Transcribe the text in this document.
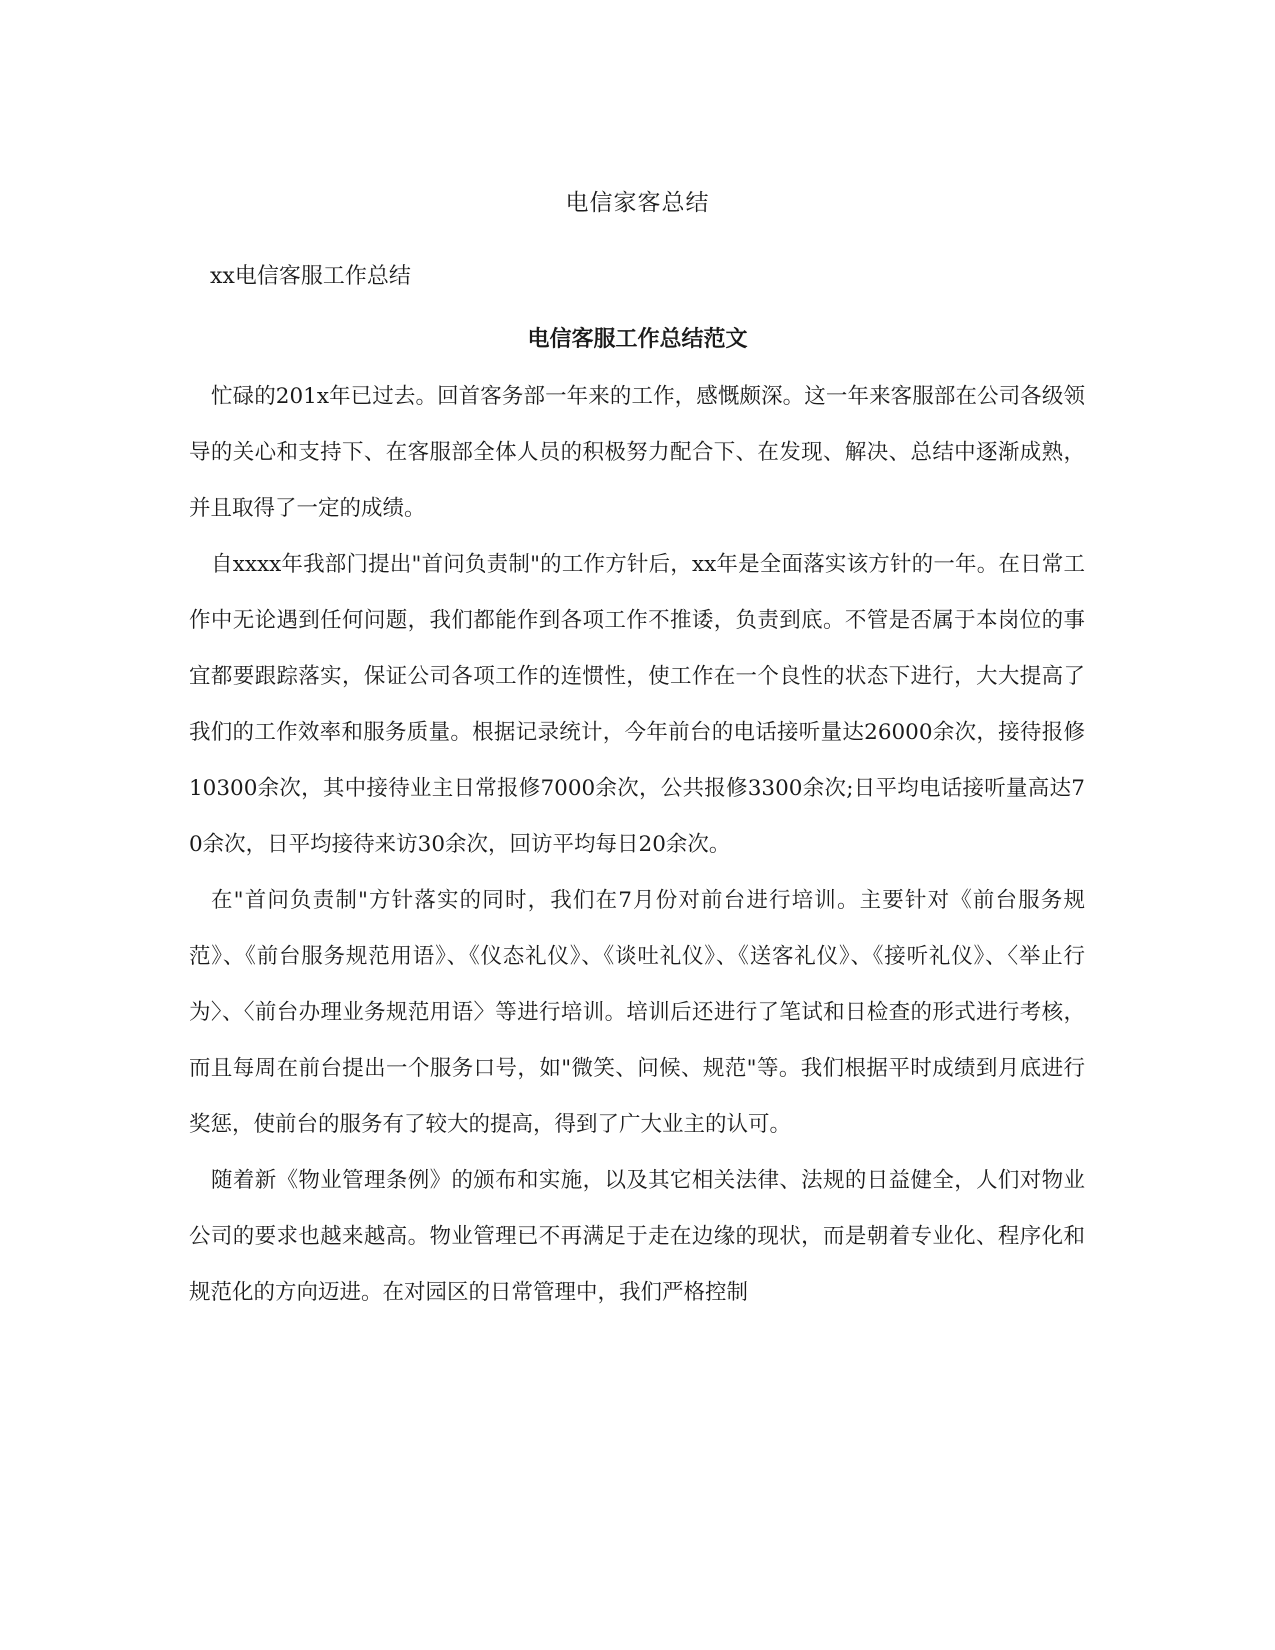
电信家客总结
xx电信客服工作总结
电信客服工作总结范文

忙碌的201x年已过去。回首客务部一年来的工作，感慨颇深。这一年来客服部在公司各级领导的关心和支持下、在客服部全体人员的积极努力配合下、在发现、解决、总结中逐渐成熟，并且取得了一定的成绩。

自xxxx年我部门提出"首问负责制"的工作方针后，xx年是全面落实该方针的一年。在日常工作中无论遇到任何问题，我们都能作到各项工作不推诿，负责到底。不管是否属于本岗位的事宜都要跟踪落实，保证公司各项工作的连惯性，使工作在一个良性的状态下进行，大大提高了我们的工作效率和服务质量。根据记录统计，今年前台的电话接听量达26000余次，接待报修10300余次，其中接待业主日常报修7000余次，公共报修3300余次;日平均电话接听量高达70余次，日平均接待来访30余次，回访平均每日20余次。

在"首问负责制"方针落实的同时，我们在7月份对前台进行培训。主要针对《前台服务规范》、《前台服务规范用语》、《仪态礼仪》、《谈吐礼仪》、《送客礼仪》、《接听礼仪》、〈举止行为〉、〈前台办理业务规范用语〉等进行培训。培训后还进行了笔试和日检查的形式进行考核，而且每周在前台提出一个服务口号，如"微笑、问候、规范"等。我们根据平时成绩到月底进行奖惩，使前台的服务有了较大的提高，得到了广大业主的认可。

随着新《物业管理条例》的颁布和实施，以及其它相关法律、法规的日益健全，人们对物业公司的要求也越来越高。物业管理已不再满足于走在边缘的现状，而是朝着专业化、程序化和规范化的方向迈进。在对园区的日常管理中，我们严格控制
